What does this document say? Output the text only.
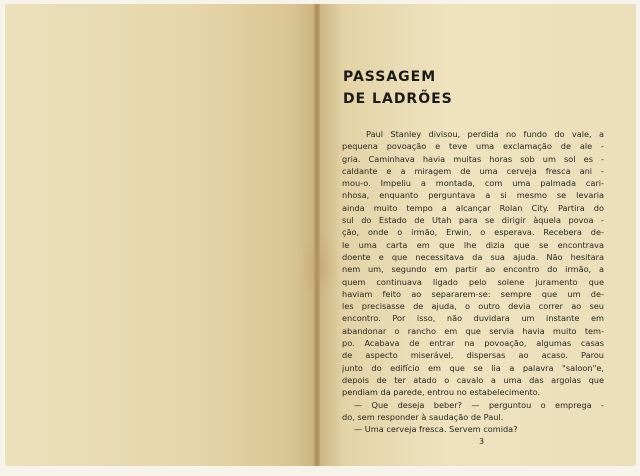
PASSAGEM
DE LADRÕES
Paul Stanley divisou, perdida no fundo do vale, a
pequena povoação e teve uma exclamação de ale -
gria. Caminhava havia muitas horas sob um sol es -
caldante e a miragem de uma cerveja fresca ani -
mou-o. Impeliu a montada, com uma palmada cari-
nhosa, enquanto perguntava a si mesmo se levaria
ainda muito tempo a alcançar Rolan City. Partira do
sul do Estado de Utah para se dirigir àquela povoa -
ção, onde o irmão, Erwin, o esperava. Recebera de-
le uma carta em que lhe dizia que se encontrava
doente e que necessitava da sua ajuda. Não hesitara
nem um, segundo em partir ao encontro do irmão, a
quem continuava ligado pelo solene juramento que
haviam feito ao separarem-se: sempre que um de-
les precisasse de ajuda, o outro devia correr ao seu
encontro. Por isso, não duvidara um instante em
abandonar o rancho em que servia havia muito tem-
po. Acabava de entrar na povoação, algumas casas
de aspecto miserável, dispersas ao acaso. Parou
junto do edifício em que se lia a palavra "saloon"e,
depois de ter atado o cavalo a uma das argolas que
pendiam da parede, entrou no estabelecimento.
— Que deseja beber? — perguntou o emprega -
do, sem responder à saudação de Paul.
— Uma cerveja fresca. Servem comida?
3
